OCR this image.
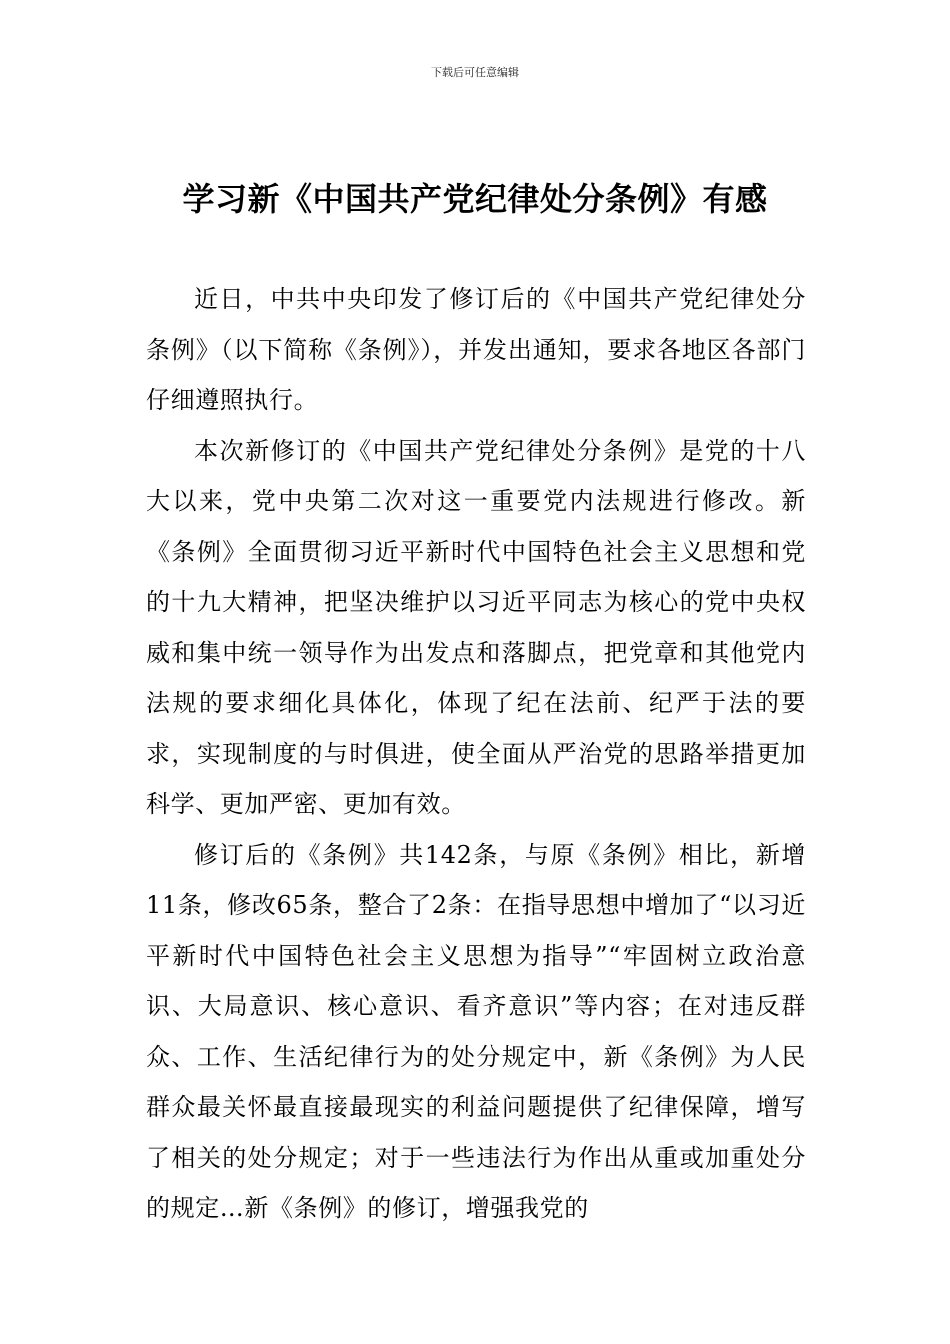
下载后可任意编辑
学习新《中国共产党纪律处分条例》有感

近日，中共中央印发了修订后的《中国共产党纪律处分条例》（以下简称《条例》），并发出通知，要求各地区各部门仔细遵照执行。

本次新修订的《中国共产党纪律处分条例》是党的十八大以来，党中央第二次对这一重要党内法规进行修改。新《条例》全面贯彻习近平新时代中国特色社会主义思想和党的十九大精神，把坚决维护以习近平同志为核心的党中央权威和集中统一领导作为出发点和落脚点，把党章和其他党内法规的要求细化具体化，体现了纪在法前、纪严于法的要求，实现制度的与时俱进，使全面从严治党的思路举措更加科学、更加严密、更加有效。

修订后的《条例》共142条，与原《条例》相比，新增11条，修改65条，整合了2条：在指导思想中增加了“以习近平新时代中国特色社会主义思想为指导”“牢固树立政治意识、大局意识、核心意识、看齐意识”等内容；在对违反群众、工作、生活纪律行为的处分规定中，新《条例》为人民群众最关怀最直接最现实的利益问题提供了纪律保障，增写了相关的处分规定；对于一些违法行为作出从重或加重处分的规定…新《条例》的修订，增强我党的
